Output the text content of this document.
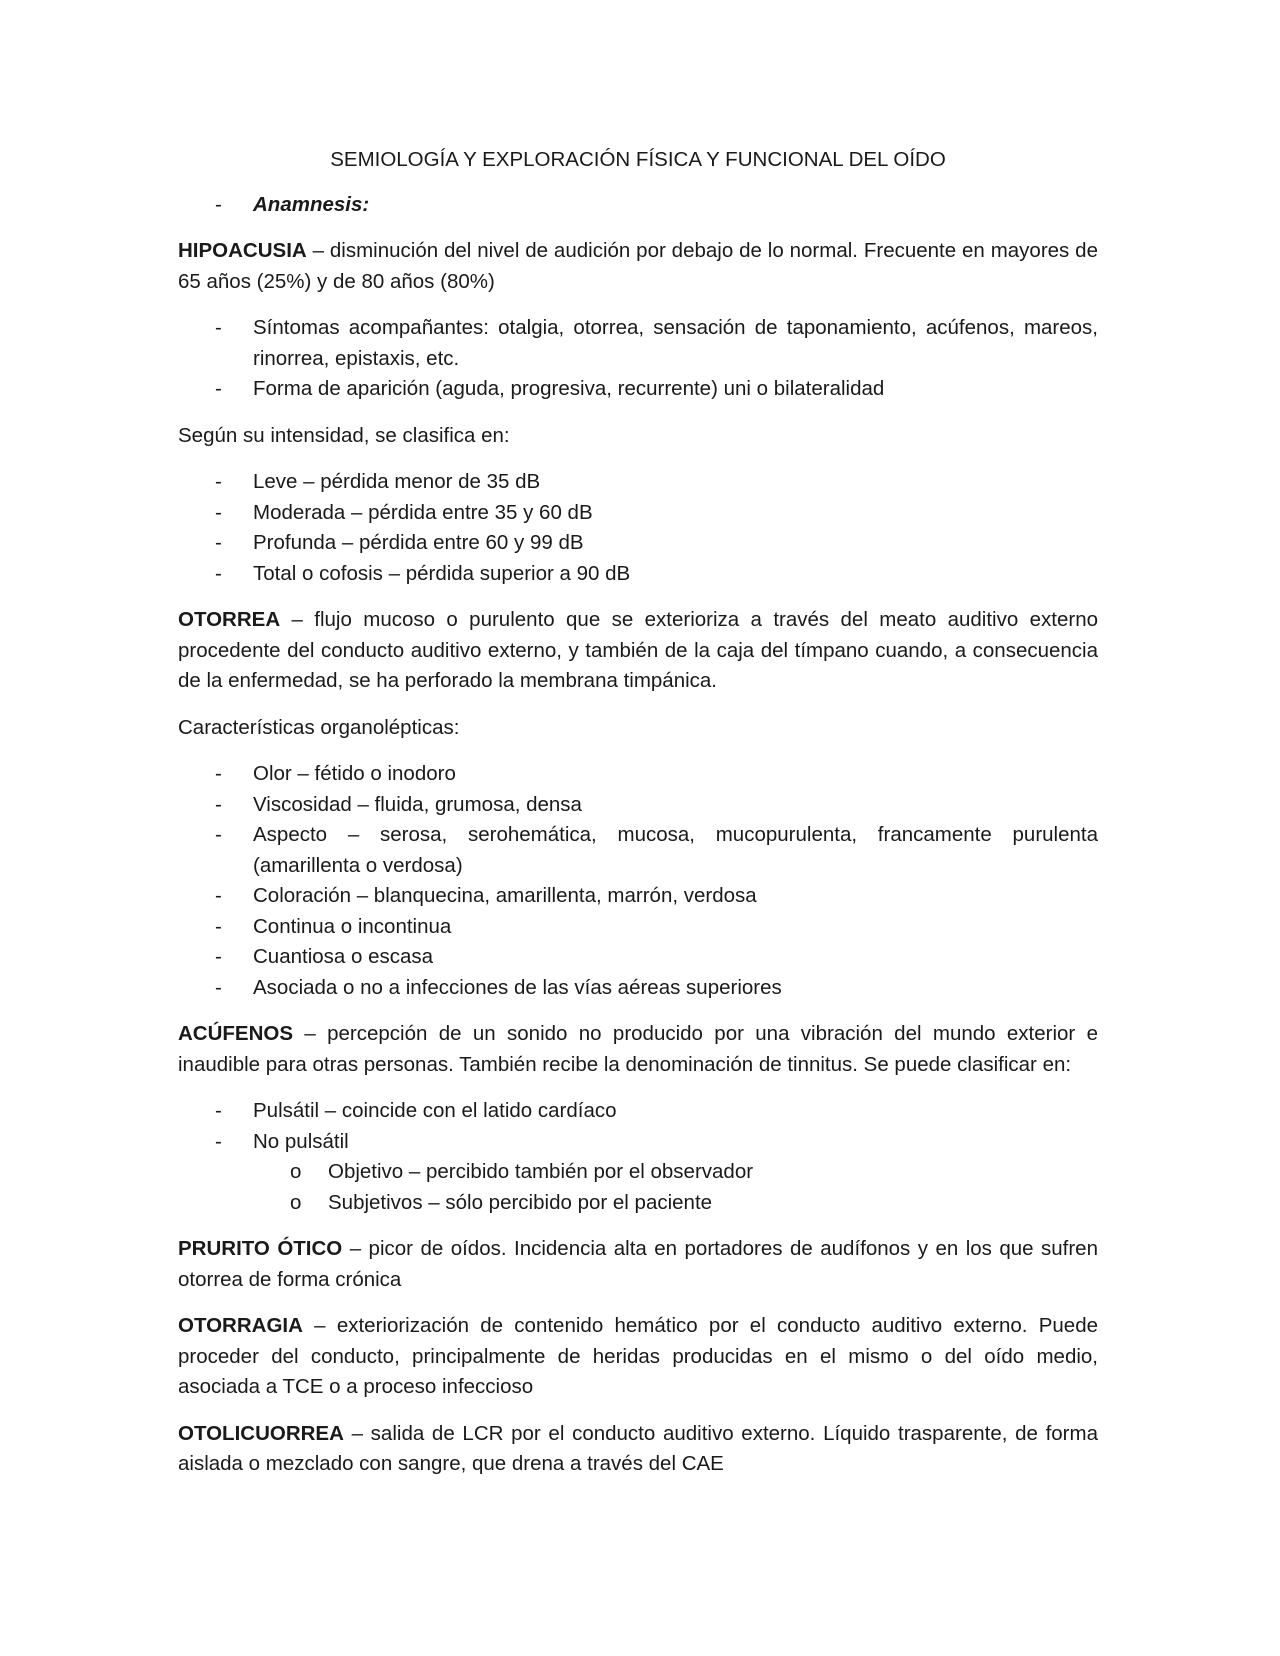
SEMIOLOGÍA Y EXPLORACIÓN FÍSICA Y FUNCIONAL DEL OÍDO
- Anamnesis:

HIPOACUSIA – disminución del nivel de audición por debajo de lo normal. Frecuente en mayores de 65 años (25%) y de 80 años (80%)

- Síntomas acompañantes: otalgia, otorrea, sensación de taponamiento, acúfenos, mareos, rinorrea, epistaxis, etc.
- Forma de aparición (aguda, progresiva, recurrente) uni o bilateralidad

Según su intensidad, se clasifica en:

- Leve – pérdida menor de 35 dB
- Moderada – pérdida entre 35 y 60 dB
- Profunda – pérdida entre 60 y 99 dB
- Total o cofosis – pérdida superior a 90 dB

OTORREA – flujo mucoso o purulento que se exterioriza a través del meato auditivo externo procedente del conducto auditivo externo, y también de la caja del tímpano cuando, a consecuencia de la enfermedad, se ha perforado la membrana timpánica.

Características organolépticas:

- Olor – fétido o inodoro
- Viscosidad – fluida, grumosa, densa
- Aspecto – serosa, serohemática, mucosa, mucopurulenta, francamente purulenta (amarillenta o verdosa)
- Coloración – blanquecina, amarillenta, marrón, verdosa
- Continua o incontinua
- Cuantiosa o escasa
- Asociada o no a infecciones de las vías aéreas superiores

ACÚFENOS – percepción de un sonido no producido por una vibración del mundo exterior e inaudible para otras personas. También recibe la denominación de tinnitus. Se puede clasificar en:

- Pulsátil – coincide con el latido cardíaco
- No pulsátil
o Objetivo – percibido también por el observador
o Subjetivos – sólo percibido por el paciente

PRURITO ÓTICO – picor de oídos. Incidencia alta en portadores de audífonos y en los que sufren otorrea de forma crónica

OTORRAGIA – exteriorización de contenido hemático por el conducto auditivo externo. Puede proceder del conducto, principalmente de heridas producidas en el mismo o del oído medio, asociada a TCE o a proceso infeccioso

OTOLICUORREA – salida de LCR por el conducto auditivo externo. Líquido trasparente, de forma aislada o mezclado con sangre, que drena a través del CAE
